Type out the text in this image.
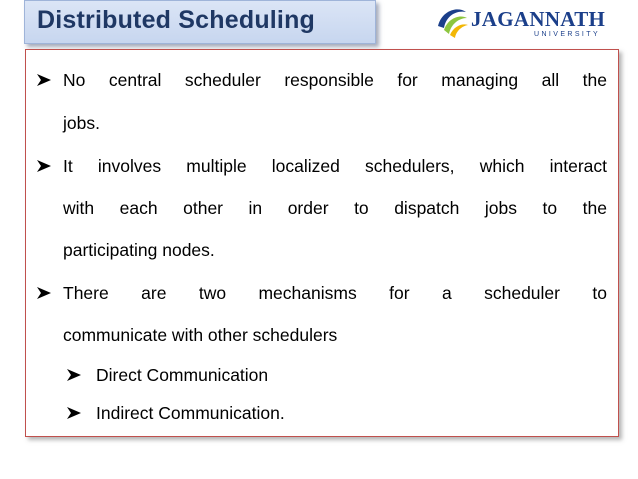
Distributed Scheduling	JAGANNATH
UNIVERSITY
No central scheduler responsible for managing all the
jobs.
It involves multiple localized schedulers, which interact
with each other in order to dispatch jobs to the
participating nodes.
There are two mechanisms for a scheduler to
communicate with other schedulers
Direct Communication
Indirect Communication.
